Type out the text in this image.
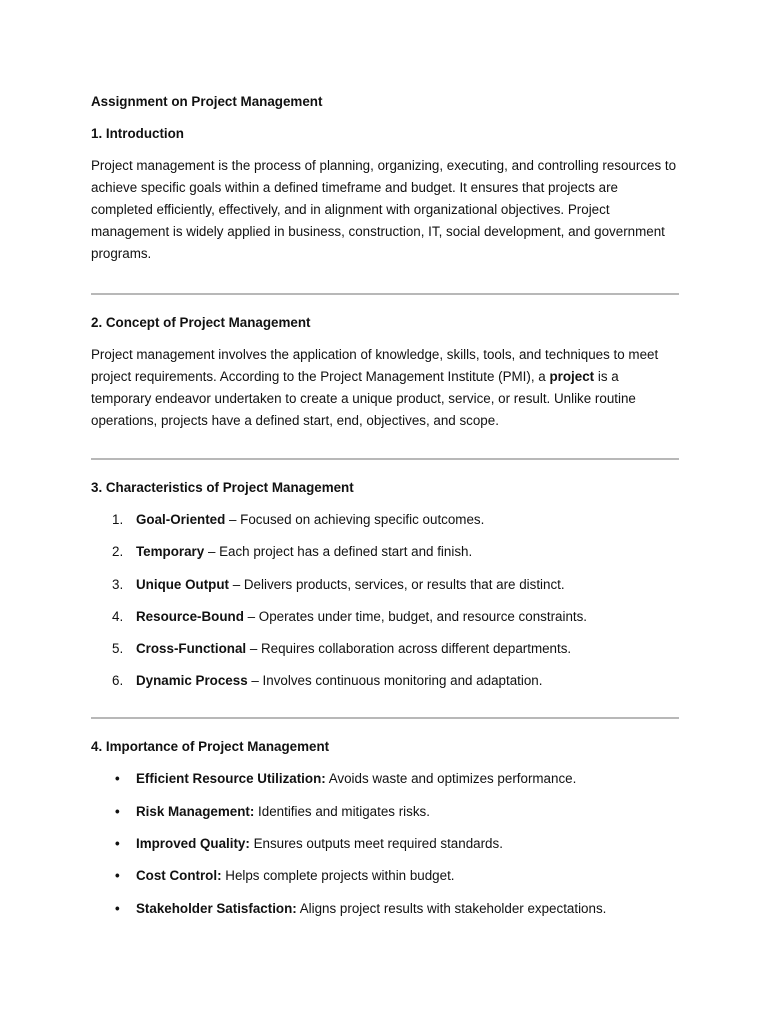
Assignment on Project Management
1. Introduction

Project management is the process of planning, organizing, executing, and controlling resources to achieve specific goals within a defined timeframe and budget. It ensures that projects are completed efficiently, effectively, and in alignment with organizational objectives. Project management is widely applied in business, construction, IT, social development, and government programs.

2. Concept of Project Management

Project management involves the application of knowledge, skills, tools, and techniques to meet project requirements. According to the Project Management Institute (PMI), a project is a temporary endeavor undertaken to create a unique product, service, or result. Unlike routine operations, projects have a defined start, end, objectives, and scope.

3. Characteristics of Project Management
1. Goal-Oriented – Focused on achieving specific outcomes.
2. Temporary – Each project has a defined start and finish.
3. Unique Output – Delivers products, services, or results that are distinct.
4. Resource-Bound – Operates under time, budget, and resource constraints.
5. Cross-Functional – Requires collaboration across different departments.
6. Dynamic Process – Involves continuous monitoring and adaptation.
4. Importance of Project Management
• Efficient Resource Utilization: Avoids waste and optimizes performance.
• Risk Management: Identifies and mitigates risks.
• Improved Quality: Ensures outputs meet required standards.
• Cost Control: Helps complete projects within budget.
• Stakeholder Satisfaction: Aligns project results with stakeholder expectations.
